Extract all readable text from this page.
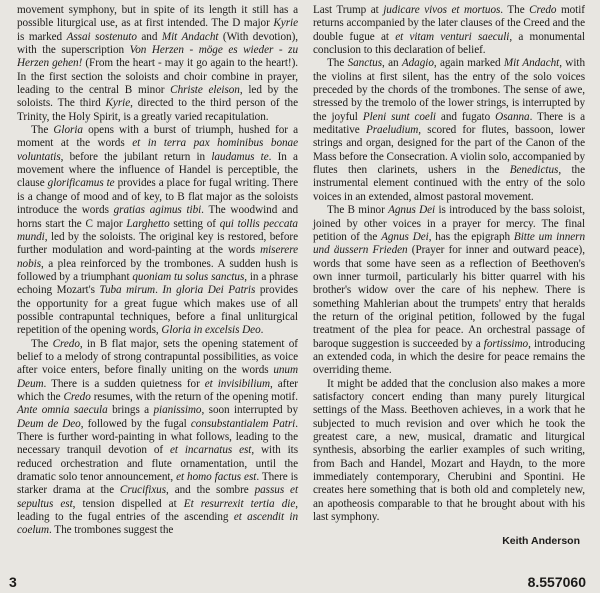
movement symphony, but in spite of its length it still has a possible liturgical use, as at first intended. The D major Kyrie is marked Assai sostenuto and Mit Andacht (With devotion), with the superscription Von Herzen - möge es wieder - zu Herzen gehen! (From the heart - may it go again to the heart!). In the first section the soloists and choir combine in prayer, leading to the central B minor Christe eleison, led by the soloists. The third Kyrie, directed to the third person of the Trinity, the Holy Spirit, is a greatly varied recapitulation.

The Gloria opens with a burst of triumph, hushed for a moment at the words et in terra pax hominibus bonae voluntatis, before the jubilant return in laudamus te. In a movement where the influence of Handel is perceptible, the clause glorificamus te provides a place for fugal writing. There is a change of mood and of key, to B flat major as the soloists introduce the words gratias agimus tibi. The woodwind and horns start the C major Larghetto setting of qui tollis peccata mundi, led by the soloists. The original key is restored, before further modulation and word-painting at the words miserere nobis, a plea reinforced by the trombones. A sudden hush is followed by a triumphant quoniam tu solus sanctus, in a phrase echoing Mozart's Tuba mirum. In gloria Dei Patris provides the opportunity for a great fugue which makes use of all possible contrapuntal techniques, before a final unliturgical repetition of the opening words, Gloria in excelsis Deo.

The Credo, in B flat major, sets the opening statement of belief to a melody of strong contrapuntal possibilities, as voice after voice enters, before finally uniting on the words unum Deum. There is a sudden quietness for et invisibilium, after which the Credo resumes, with the return of the opening motif. Ante omnia saecula brings a pianissimo, soon interrupted by Deum de Deo, followed by the fugal consubstantialem Patri. There is further word-painting in what follows, leading to the necessary tranquil devotion of et incarnatus est, with its reduced orchestration and flute ornamentation, until the dramatic solo tenor announcement, et homo factus est. There is starker drama at the Crucifixus, and the sombre passus et sepultus est, tension dispelled at Et resurrexit tertia die, leading to the fugal entries of the ascending et ascendit in coelum. The trombones suggest the

Last Trump at judicare vivos et mortuos. The Credo motif returns accompanied by the later clauses of the Creed and the double fugue at et vitam venturi saeculi, a monumental conclusion to this declaration of belief.

The Sanctus, an Adagio, again marked Mit Andacht, with the violins at first silent, has the entry of the solo voices preceded by the chords of the trombones. The sense of awe, stressed by the tremolo of the lower strings, is interrupted by the joyful Pleni sunt coeli and fugato Osanna. There is a meditative Praeludium, scored for flutes, bassoon, lower strings and organ, designed for the part of the Canon of the Mass before the Consecration. A violin solo, accompanied by flutes then clarinets, ushers in the Benedictus, the instrumental element continued with the entry of the solo voices in an extended, almost pastoral movement.

The B minor Agnus Dei is introduced by the bass soloist, joined by other voices in a prayer for mercy. The final petition of the Agnus Dei, has the epigraph Bitte um innern und äussern Frieden (Prayer for inner and outward peace), words that some have seen as a reflection of Beethoven's own inner turmoil, particularly his bitter quarrel with his brother's widow over the care of his nephew. There is something Mahlerian about the trumpets' entry that heralds the return of the original petition, followed by the fugal treatment of the plea for peace. An orchestral passage of baroque suggestion is succeeded by a fortissimo, introducing an extended coda, in which the desire for peace remains the overriding theme.

It might be added that the conclusion also makes a more satisfactory concert ending than many purely liturgical settings of the Mass. Beethoven achieves, in a work that he subjected to much revision and over which he took the greatest care, a new, musical, dramatic and liturgical synthesis, absorbing the earlier examples of such writing, from Bach and Handel, Mozart and Haydn, to the more immediately contemporary, Cherubini and Spontini. He creates here something that is both old and completely new, an apotheosis comparable to that he brought about with his last symphony.

Keith Anderson
3	8.557060
